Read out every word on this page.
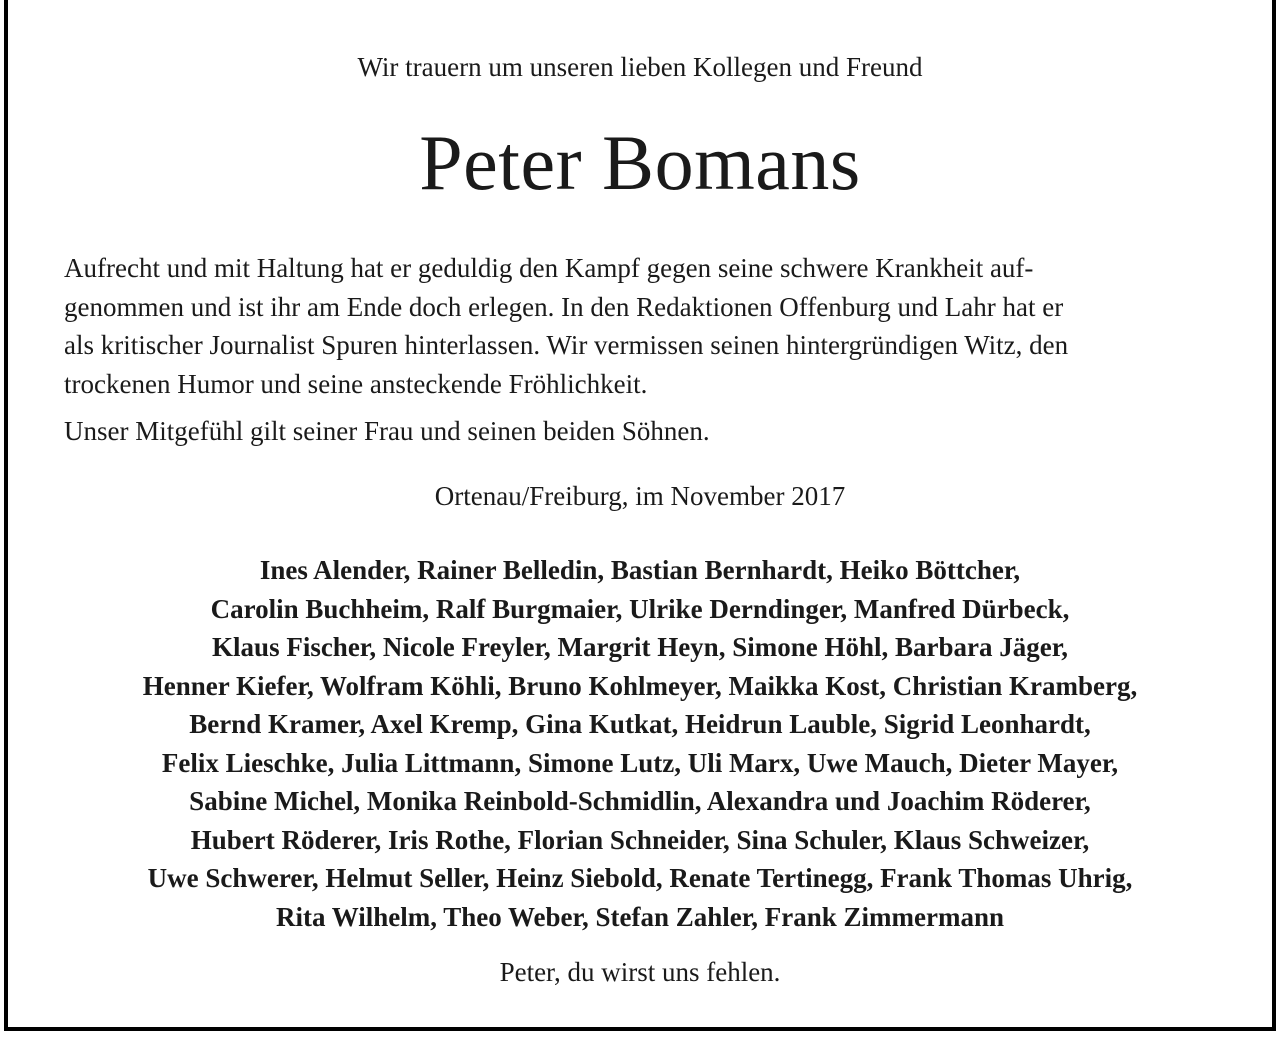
Wir trauern um unseren lieben Kollegen und Freund
Peter Bomans

Aufrecht und mit Haltung hat er geduldig den Kampf gegen seine schwere Krankheit auf-

genommen und ist ihr am Ende doch erlegen. In den Redaktionen Offenburg und Lahr hat er

als kritischer Journalist Spuren hinterlassen. Wir vermissen seinen hintergründigen Witz, den

trockenen Humor und seine ansteckende Fröhlichkeit.

Unser Mitgefühl gilt seiner Frau und seinen beiden Söhnen.
Ortenau/Freiburg, im November 2017
Ines Alender, Rainer Belledin, Bastian Bernhardt, Heiko Böttcher,
Carolin Buchheim, Ralf Burgmaier, Ulrike Derndinger, Manfred Dürbeck,
Klaus Fischer, Nicole Freyler, Margrit Heyn, Simone Höhl, Barbara Jäger,
Henner Kiefer, Wolfram Köhli, Bruno Kohlmeyer, Maikka Kost, Christian Kramberg,
Bernd Kramer, Axel Kremp, Gina Kutkat, Heidrun Lauble, Sigrid Leonhardt,
Felix Lieschke, Julia Littmann, Simone Lutz, Uli Marx, Uwe Mauch, Dieter Mayer,
Sabine Michel, Monika Reinbold-Schmidlin, Alexandra und Joachim Röderer,
Hubert Röderer, Iris Rothe, Florian Schneider, Sina Schuler, Klaus Schweizer,
Uwe Schwerer, Helmut Seller, Heinz Siebold, Renate Tertinegg, Frank Thomas Uhrig,
Rita Wilhelm, Theo Weber, Stefan Zahler, Frank Zimmermann
Peter, du wirst uns fehlen.
